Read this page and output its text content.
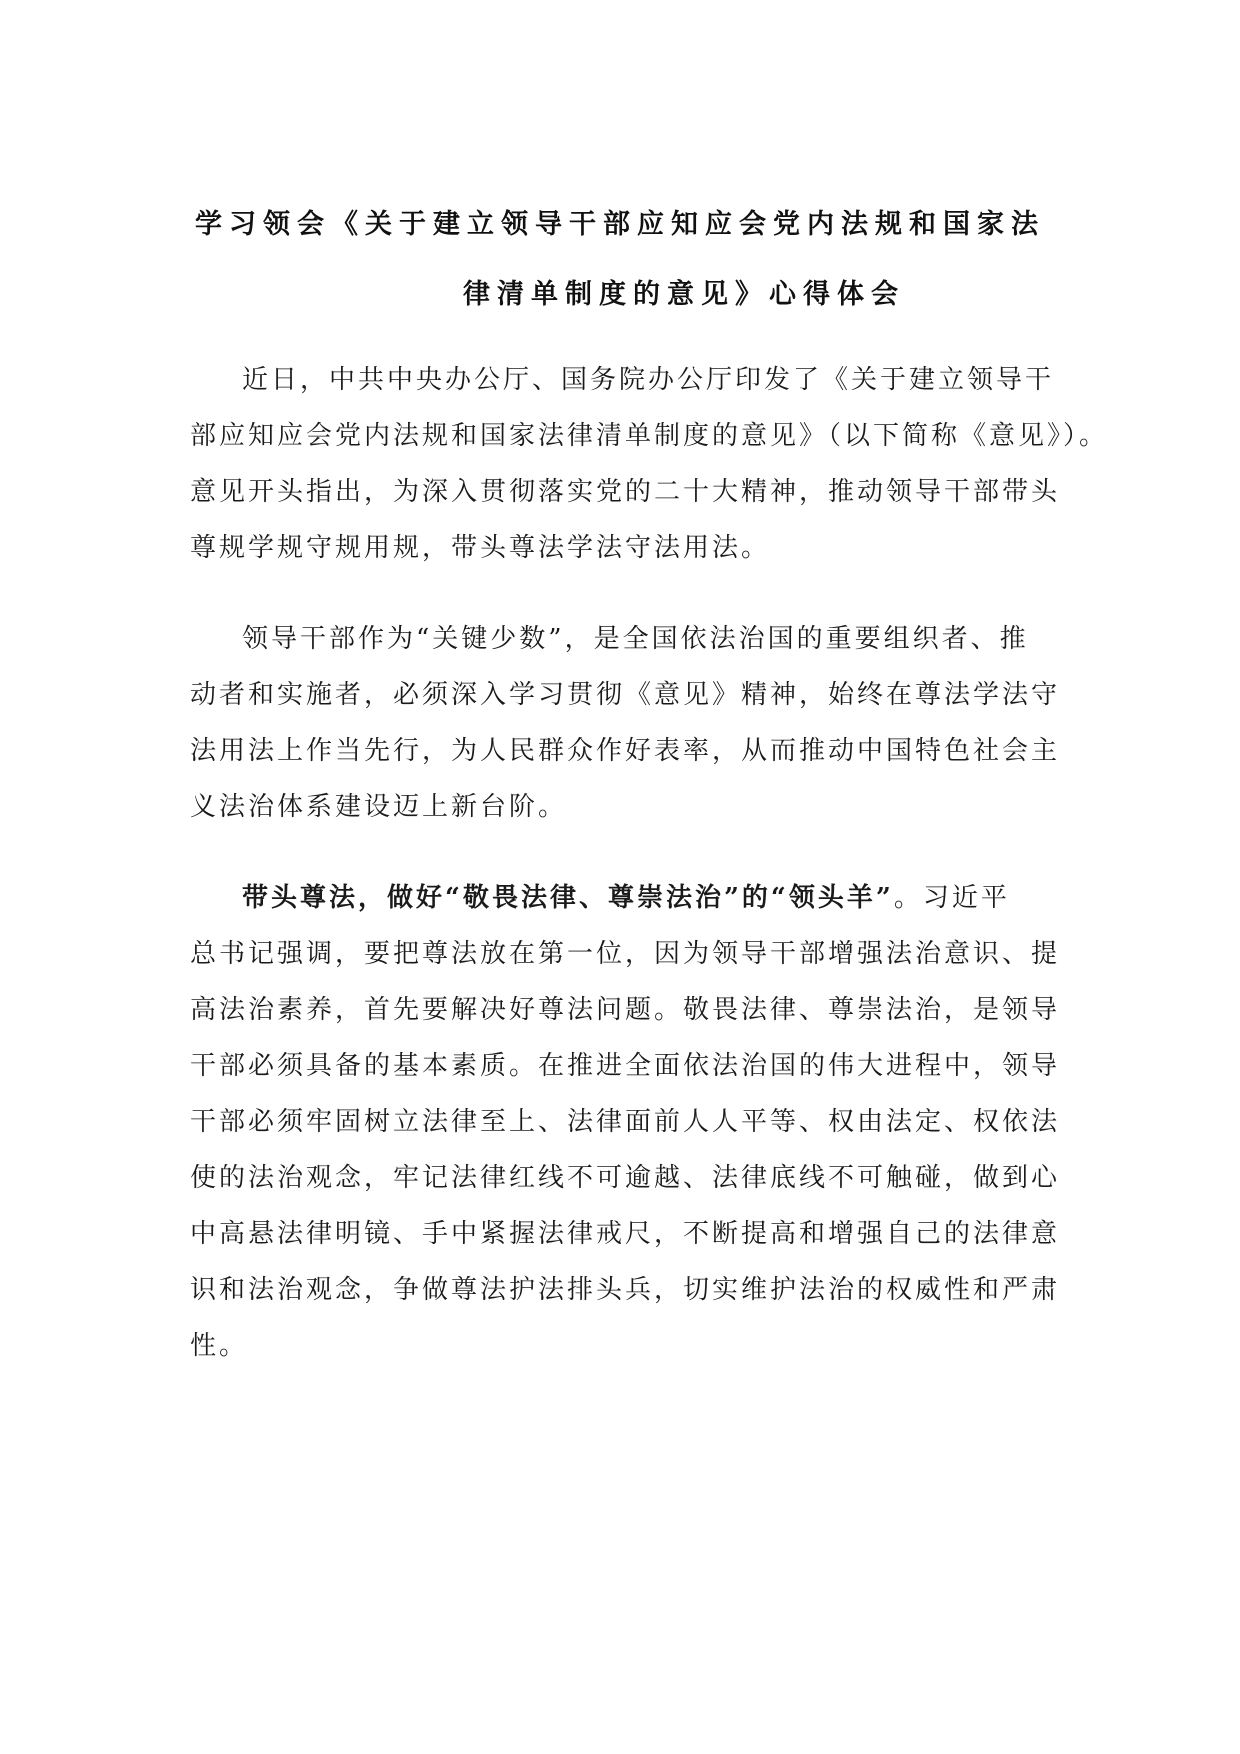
学习领会《关于建立领导干部应知应会党内法规和国家法
律清单制度的意见》心得体会
近日，中共中央办公厅、国务院办公厅印发了《关于建立领导干
部应知应会党内法规和国家法律清单制度的意见》（以下简称《意见》）。
意见开头指出，为深入贯彻落实党的二十大精神，推动领导干部带头
尊规学规守规用规，带头尊法学法守法用法。
领导干部作为“关键少数”，是全国依法治国的重要组织者、推
动者和实施者，必须深入学习贯彻《意见》精神，始终在尊法学法守
法用法上作当先行，为人民群众作好表率，从而推动中国特色社会主
义法治体系建设迈上新台阶。
带头尊法，做好“敬畏法律、尊崇法治”的“领头羊”。习近平
总书记强调，要把尊法放在第一位，因为领导干部增强法治意识、提
高法治素养，首先要解决好尊法问题。敬畏法律、尊崇法治，是领导
干部必须具备的基本素质。在推进全面依法治国的伟大进程中，领导
干部必须牢固树立法律至上、法律面前人人平等、权由法定、权依法
使的法治观念，牢记法律红线不可逾越、法律底线不可触碰，做到心
中高悬法律明镜、手中紧握法律戒尺，不断提高和增强自己的法律意
识和法治观念，争做尊法护法排头兵，切实维护法治的权威性和严肃
性。
